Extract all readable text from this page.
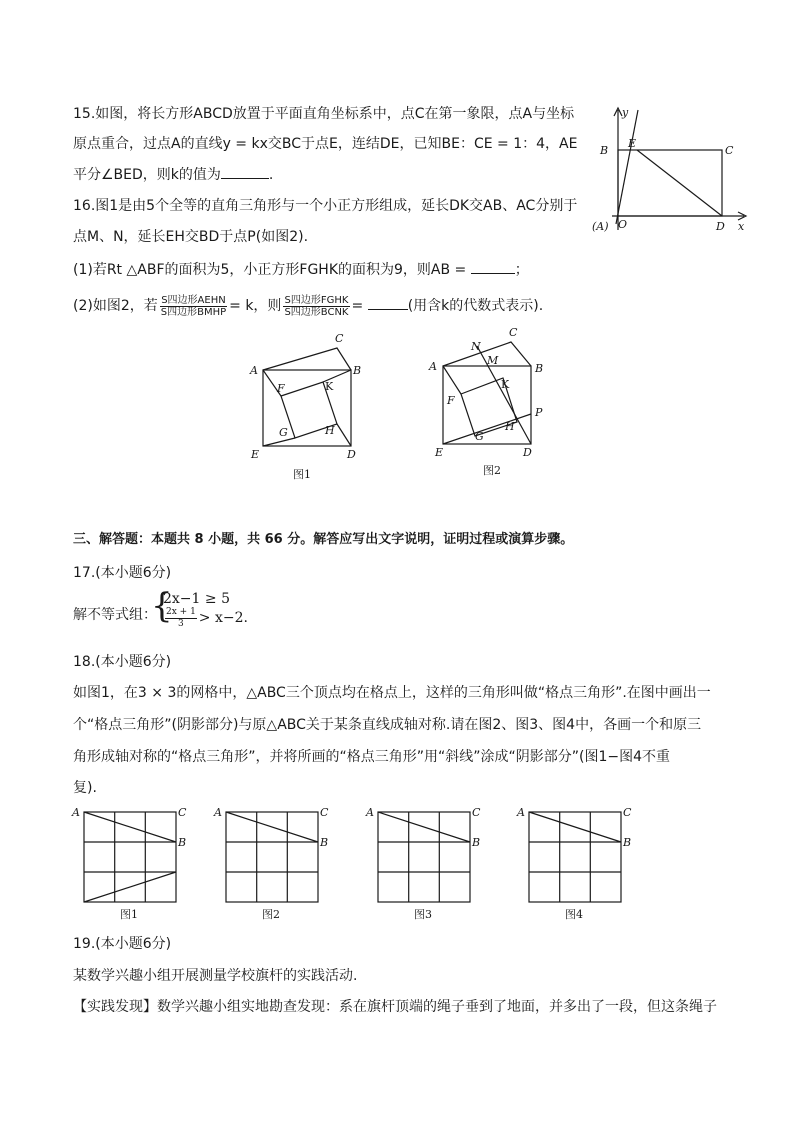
15.如图，将长方形ABCD放置于平面直角坐标系中，点C在第一象限，点A与坐标
原点重合，过点A的直线y = kx交BC于点E，连结DE，已知BE：CE = 1：4，AE
平分∠BED，则k的值为	.
y
B
E
C
(A) O	D x
16.图1是由5个全等的直角三角形与一个小正方形组成，延长DK交AB、AC分别于
点M、N，延长EH交BD于点P(如图2).
(1)若Rt △ABF的面积为5，小正方形FGHK的面积为9，则AB =	；
(2)如图2，若 $\frac{\text{S四边形AEHN}}{\text{S四边形BMHP}} = k$，则 $\frac{\text{S四边形FGHK}}{\text{S四边形BCNK}}$ =	(用含k的代数式表示).
A	B
C
D
E
F
G	H
K
图1
A	B
C
D
E
F
G
H
K
M
N
P
图2
三、解答题：本题共 8 小题，共 66 分。解答应写出文字说明，证明过程或演算步骤。
17.(本小题6分)
解不等式组：
{
2x−1 ≥ 5
$\frac{2x + 1}{3} > x-2$.
18.(本小题6分)
如图1，在3 × 3的网格中，△ABC三个顶点均在格点上，这样的三角形叫做“格点三角形”.在图中画出一
个“格点三角形”(阴影部分)与原△ABC关于某条直线成轴对称.请在图2、图3、图4中，各画一个和原三
角形成轴对称的“格点三角形”，并将所画的“格点三角形”用“斜线”涂成“阴影部分”(图1−图4不重
复).
A	C
B
图1
A	C
B
图2
A	C
B
图3
A	C
B
图4
19.(本小题6分)
某数学兴趣小组开展测量学校旗杆的实践活动.
【实践发现】数学兴趣小组实地勘查发现：系在旗杆顶端的绳子垂到了地面，并多出了一段，但这条绳子
